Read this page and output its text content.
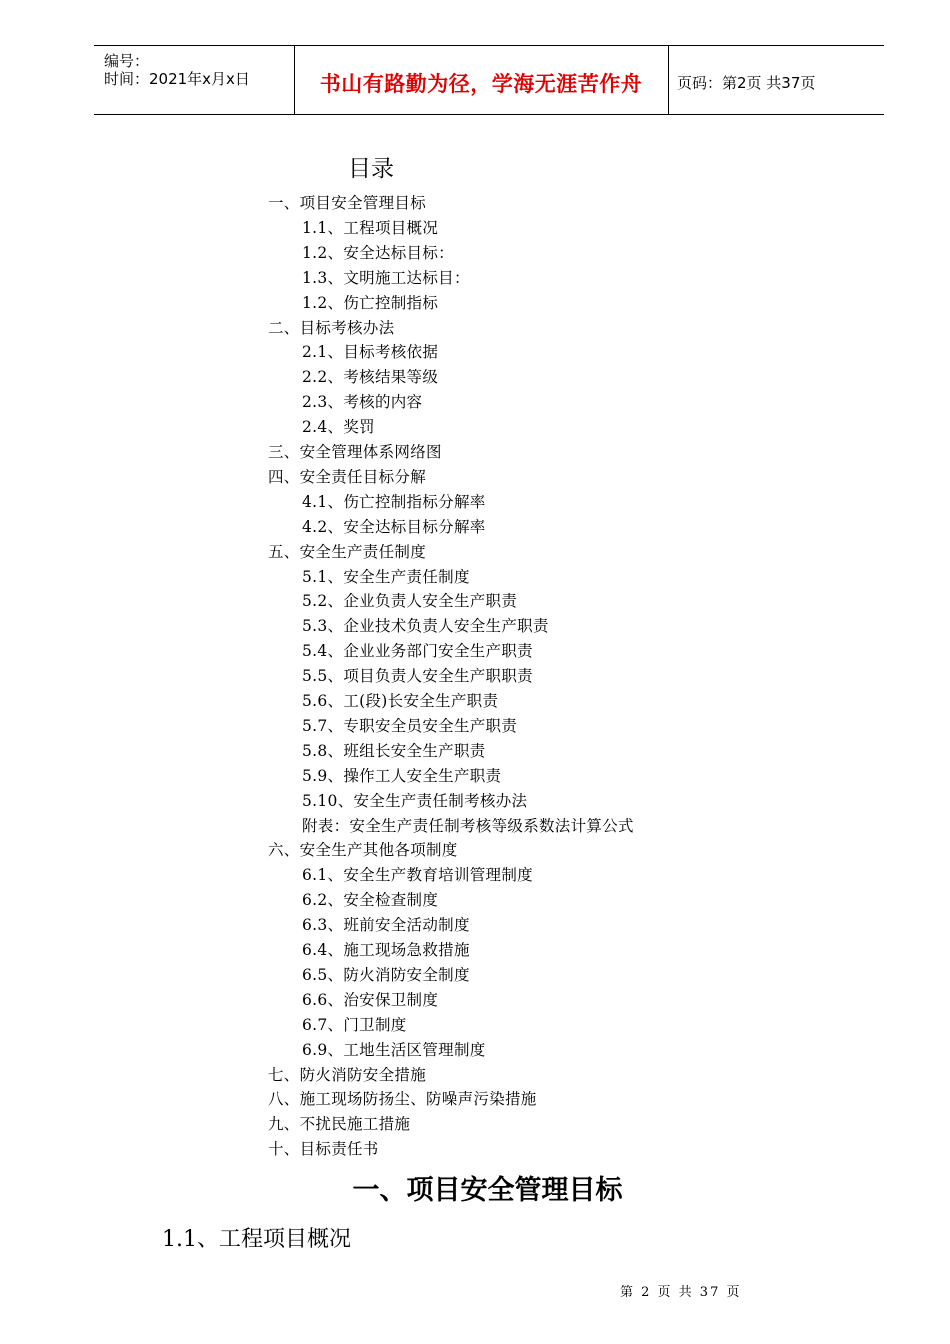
编号：
时间：2021年x月x日	书山有路勤为径，学海无涯苦作舟	页码：第2页 共37页
目录
一、项目安全管理目标
1.1、工程项目概况
1.2、安全达标目标：
1.3、文明施工达标目：
1.2、伤亡控制指标
二、目标考核办法
2.1、目标考核依据
2.2、考核结果等级
2.3、考核的内容
2.4、奖罚
三、安全管理体系网络图
四、安全责任目标分解
4.1、伤亡控制指标分解率
4.2、安全达标目标分解率
五、安全生产责任制度
5.1、安全生产责任制度
5.2、企业负责人安全生产职责
5.3、企业技术负责人安全生产职责
5.4、企业业务部门安全生产职责
5.5、项目负责人安全生产职职责
5.6、工(段)长安全生产职责
5.7、专职安全员安全生产职责
5.8、班组长安全生产职责
5.9、操作工人安全生产职责
5.10、安全生产责任制考核办法
附表：安全生产责任制考核等级系数法计算公式
六、安全生产其他各项制度
6.1、安全生产教育培训管理制度
6.2、安全检查制度
6.3、班前安全活动制度
6.4、施工现场急救措施
6.5、防火消防安全制度
6.6、治安保卫制度
6.7、门卫制度
6.9、工地生活区管理制度
七、防火消防安全措施
八、施工现场防扬尘、防噪声污染措施
九、不扰民施工措施
十、目标责任书
一、项目安全管理目标
1.1、工程项目概况
第 2 页 共 37 页
